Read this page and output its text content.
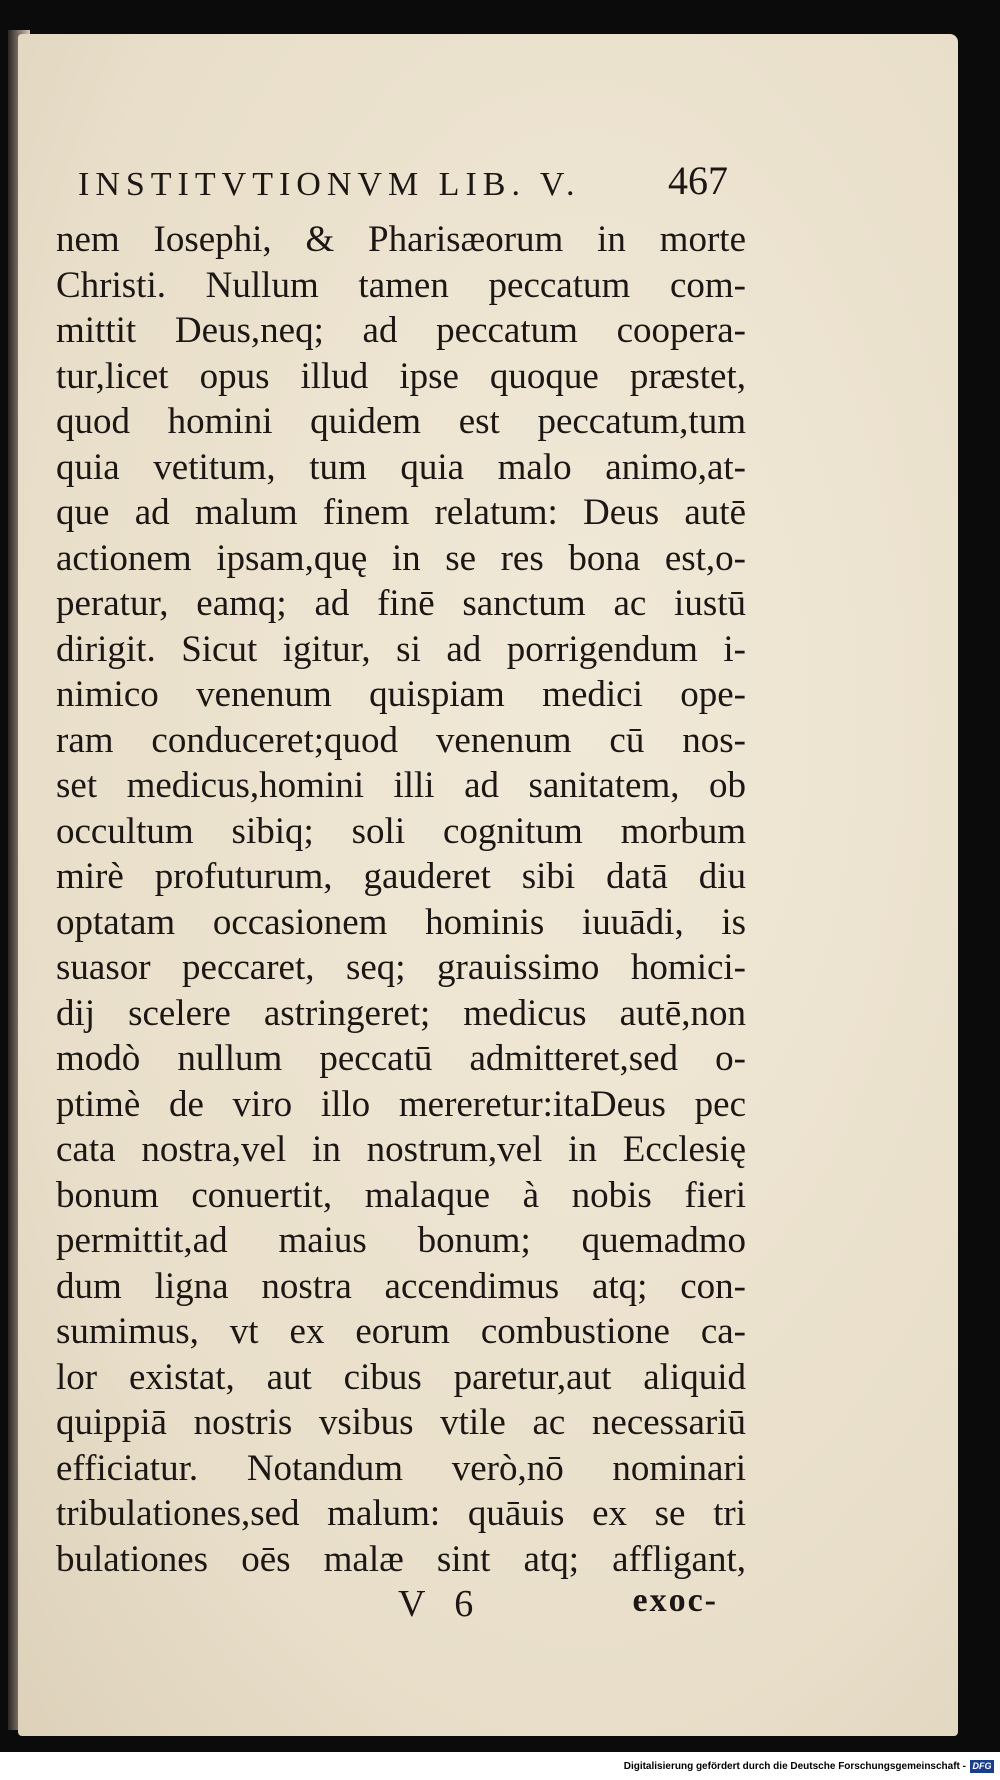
INSTITVTIONVM LIB. V. 467
nem Iosephi, & Pharisæorum in morte
Christi. Nullum tamen peccatum com-
mittit Deus,neq; ad peccatum coopera-
tur,licet opus illud ipse quoque præstet,
quod homini quidem est peccatum,tum
quia vetitum, tum quia malo animo,at-
que ad malum finem relatum: Deus autē
actionem ipsam,quę in se res bona est,o-
peratur, eamq; ad finē sanctum ac iustū
dirigit. Sicut igitur, si ad porrigendum i-
nimico venenum quispiam medici ope-
ram conduceret;quod venenum cū nos-
set medicus,homini illi ad sanitatem, ob
occultum sibiq; soli cognitum morbum
mirè profuturum, gauderet sibi datā diu
optatam occasionem hominis iuuādi, is
suasor peccaret, seq; grauissimo homici-
dij scelere astringeret; medicus autē,non
modò nullum peccatū admitteret,sed o-
ptimè de viro illo mereretur:itaDeus pec
cata nostra,vel in nostrum,vel in Ecclesię
bonum conuertit, malaque à nobis fieri
permittit,ad maius bonum; quemadmo
dum ligna nostra accendimus atq; con-
sumimus, vt ex eorum combustione ca-
lor existat, aut cibus paretur,aut aliquid
quippiā nostris vsibus vtile ac necessariū
efficiatur. Notandum verò,nō nominari
tribulationes,sed malum: quāuis ex se tri
bulationes oēs malæ sint atq; affligant,
V 6	exoc-
Digitalisierung gefördert durch die Deutsche Forschungsgemeinschaft - DFG
